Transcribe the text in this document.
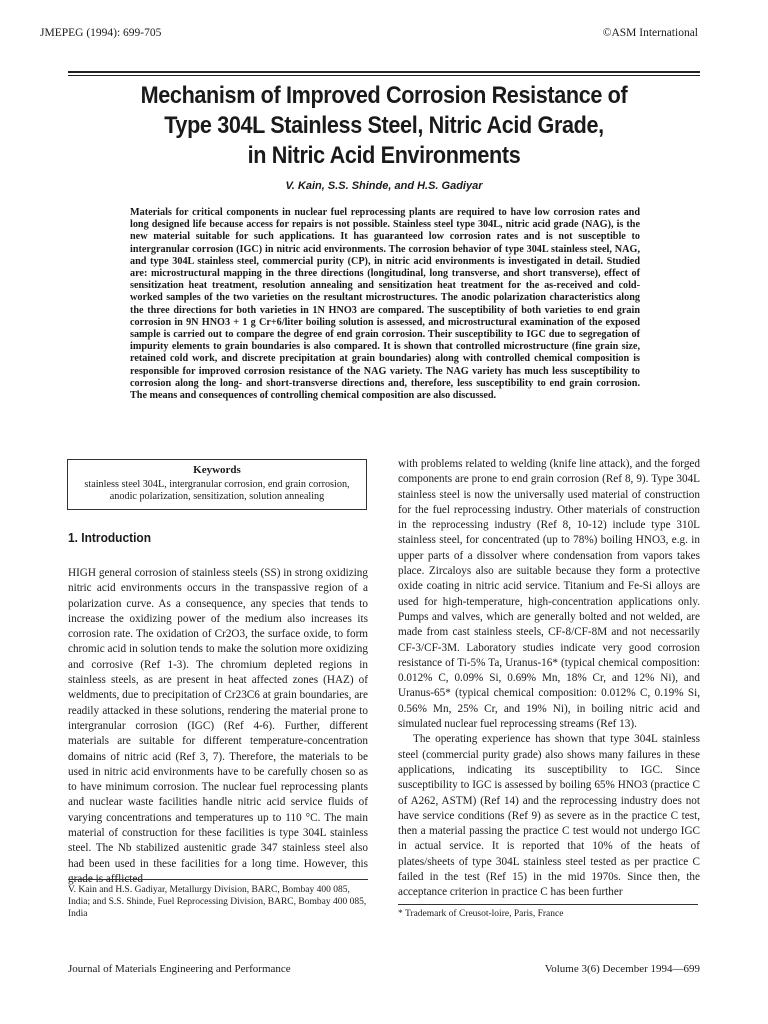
JMEPEG (1994): 699-705	©ASM International
Mechanism of Improved Corrosion Resistance of
Type 304L Stainless Steel, Nitric Acid Grade,
in Nitric Acid Environments
V. Kain, S.S. Shinde, and H.S. Gadiyar
Materials for critical components in nuclear fuel reprocessing plants are required to have low corrosion rates and long designed life because access for repairs is not possible. Stainless steel type 304L, nitric acid grade (NAG), is the new material suitable for such applications. It has guaranteed low corrosion rates and is not susceptible to intergranular corrosion (IGC) in nitric acid environments. The corrosion behavior of type 304L stainless steel, NAG, and type 304L stainless steel, commercial purity (CP), in nitric acid environments is investigated in detail. Studied are: microstructural mapping in the three directions (longitudinal, long transverse, and short transverse), effect of sensitization heat treatment, resolution annealing and sensitization heat treatment for the as-received and cold-worked samples of the two varieties on the resultant microstructures. The anodic polarization characteristics along the three directions for both varieties in 1N HNO3 are compared. The susceptibility of both varieties to end grain corrosion in 9N HNO3 + 1 g Cr+6/liter boiling solution is assessed, and microstructural examination of the exposed sample is carried out to compare the degree of end grain corrosion. Their susceptibility to IGC due to segregation of impurity elements to grain boundaries is also compared. It is shown that controlled microstructure (fine grain size, retained cold work, and discrete precipitation at grain boundaries) along with controlled chemical composition is responsible for improved corrosion resistance of the NAG variety. The NAG variety has much less susceptibility to corrosion along the long- and short-transverse directions and, therefore, less susceptibility to end grain corrosion. The means and consequences of controlling chemical composition are also discussed.
Keywords
stainless steel 304L, intergranular corrosion, end grain corrosion, anodic polarization, sensitization, solution annealing
1. Introduction

HIGH general corrosion of stainless steels (SS) in strong oxidizing nitric acid environments occurs in the transpassive region of a polarization curve. As a consequence, any species that tends to increase the oxidizing power of the medium also increases its corrosion rate. The oxidation of Cr2O3, the surface oxide, to form chromic acid in solution tends to make the solution more oxidizing and corrosive (Ref 1-3). The chromium depleted regions in stainless steels, as are present in heat affected zones (HAZ) of weldments, due to precipitation of Cr23C6 at grain boundaries, are readily attacked in these solutions, rendering the material prone to intergranular corrosion (IGC) (Ref 4-6). Further, different materials are suitable for different temperature-concentration domains of nitric acid (Ref 3, 7). Therefore, the materials to be used in nitric acid environments have to be carefully chosen so as to have minimum corrosion. The nuclear fuel reprocessing plants and nuclear waste facilities handle nitric acid service fluids of varying concentrations and temperatures up to 110 °C. The main material of construction for these facilities is type 304L stainless steel. The Nb stabilized austenitic grade 347 stainless steel also had been used in these facilities for a long time. However, this grade is afflicted

with problems related to welding (knife line attack), and the forged components are prone to end grain corrosion (Ref 8, 9). Type 304L stainless steel is now the universally used material of construction for the fuel reprocessing industry. Other materials of construction in the reprocessing industry (Ref 8, 10-12) include type 310L stainless steel, for concentrated (up to 78%) boiling HNO3, e.g. in upper parts of a dissolver where condensation from vapors takes place. Zircaloys also are suitable because they form a protective oxide coating in nitric acid service. Titanium and Fe-Si alloys are used for high-temperature, high-concentration applications only. Pumps and valves, which are generally bolted and not welded, are made from cast stainless steels, CF-8/CF-8M and not necessarily CF-3/CF-3M. Laboratory studies indicate very good corrosion resistance of Ti-5% Ta, Uranus-16* (typical chemical composition: 0.012% C, 0.09% Si, 0.69% Mn, 18% Cr, and 12% Ni), and Uranus-65* (typical chemical composition: 0.012% C, 0.19% Si, 0.56% Mn, 25% Cr, and 19% Ni), in boiling nitric acid and simulated nuclear fuel reprocessing streams (Ref 13).

The operating experience has shown that type 304L stainless steel (commercial purity grade) also shows many failures in these applications, indicating its susceptibility to IGC. Since susceptibility to IGC is assessed by boiling 65% HNO3 (practice C of A262, ASTM) (Ref 14) and the reprocessing industry does not have service conditions (Ref 9) as severe as in the practice C test, then a material passing the practice C test would not undergo IGC in actual service. It is reported that 10% of the heats of plates/sheets of type 304L stainless steel tested as per practice C failed in the test (Ref 15) in the mid 1970s. Since then, the acceptance criterion in practice C has been further

V. Kain and H.S. Gadiyar, Metallurgy Division, BARC, Bombay 400 085, India; and S.S. Shinde, Fuel Reprocessing Division, BARC, Bombay 400 085, India	* Trademark of Creusot-loire, Paris, France
Journal of Materials Engineering and Performance	Volume 3(6) December 1994—699
